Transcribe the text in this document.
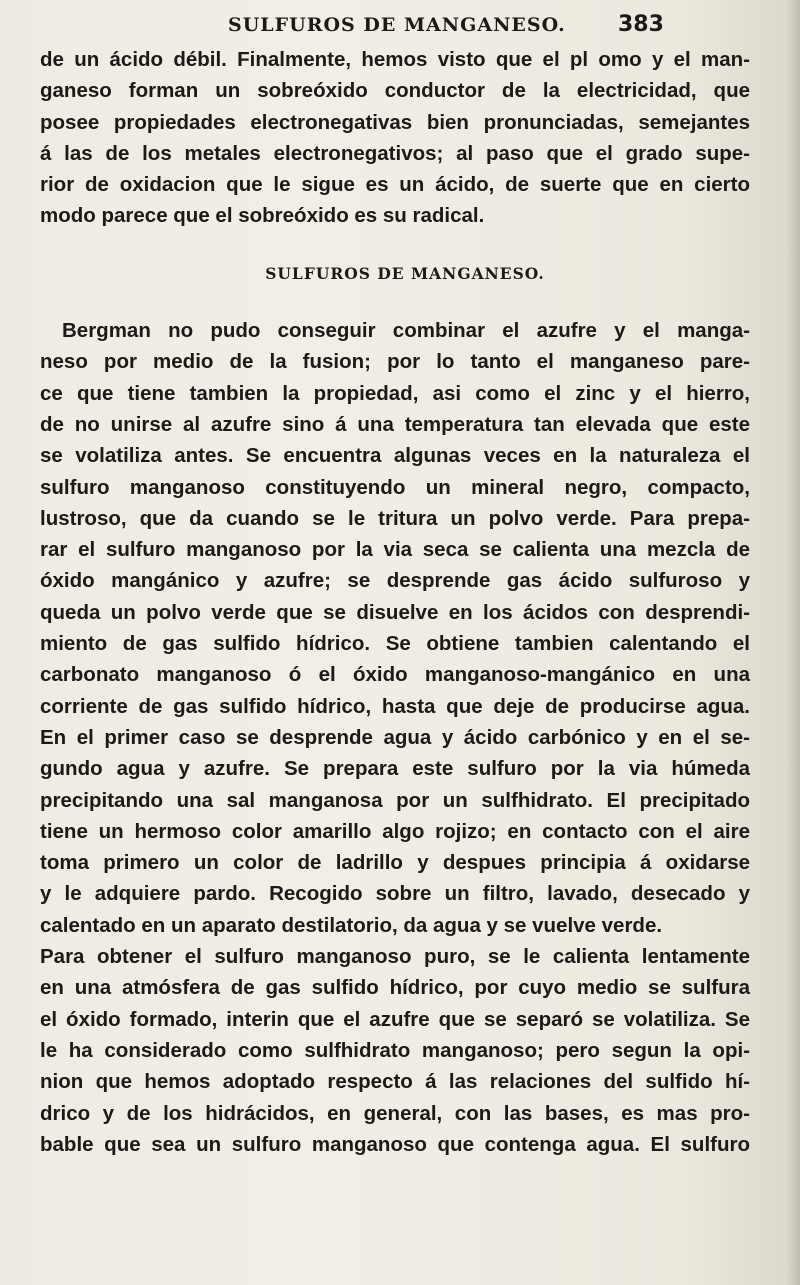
SULFUROS DE MANGANESO. 383
de un ácido débil. Finalmente, hemos visto que el pl omo y el man-
ganeso forman un sobreóxido conductor de la electricidad, que
posee propiedades electronegativas bien pronunciadas, semejantes
á las de los metales electronegativos; al paso que el grado supe-
rior de oxidacion que le sigue es un ácido, de suerte que en cierto
modo parece que el sobreóxido es su radical.
SULFUROS DE MANGANESO.
Bergman no pudo conseguir combinar el azufre y el manga-
neso por medio de la fusion; por lo tanto el manganeso pare-
ce que tiene tambien la propiedad, asi como el zinc y el hierro,
de no unirse al azufre sino á una temperatura tan elevada que este
se volatiliza antes. Se encuentra algunas veces en la naturaleza el
sulfuro manganoso constituyendo un mineral negro, compacto,
lustroso, que da cuando se le tritura un polvo verde. Para prepa-
rar el sulfuro manganoso por la via seca se calienta una mezcla de
óxido mangánico y azufre; se desprende gas ácido sulfuroso y
queda un polvo verde que se disuelve en los ácidos con desprendi-
miento de gas sulfido hídrico. Se obtiene tambien calentando el
carbonato manganoso ó el óxido manganoso-mangánico en una
corriente de gas sulfido hídrico, hasta que deje de producirse agua.
En el primer caso se desprende agua y ácido carbónico y en el se-
gundo agua y azufre. Se prepara este sulfuro por la via húmeda
precipitando una sal manganosa por un sulfhidrato. El precipitado
tiene un hermoso color amarillo algo rojizo; en contacto con el aire
toma primero un color de ladrillo y despues principia á oxidarse
y le adquiere pardo. Recogido sobre un filtro, lavado, desecado y
calentado en un aparato destilatorio, da agua y se vuelve verde.
Para obtener el sulfuro manganoso puro, se le calienta lentamente
en una atmósfera de gas sulfido hídrico, por cuyo medio se sulfura
el óxido formado, interin que el azufre que se separó se volatiliza. Se
le ha considerado como sulfhidrato manganoso; pero segun la opi-
nion que hemos adoptado respecto á las relaciones del sulfido hí-
drico y de los hidrácidos, en general, con las bases, es mas pro-
bable que sea un sulfuro manganoso que contenga agua. El sulfuro
